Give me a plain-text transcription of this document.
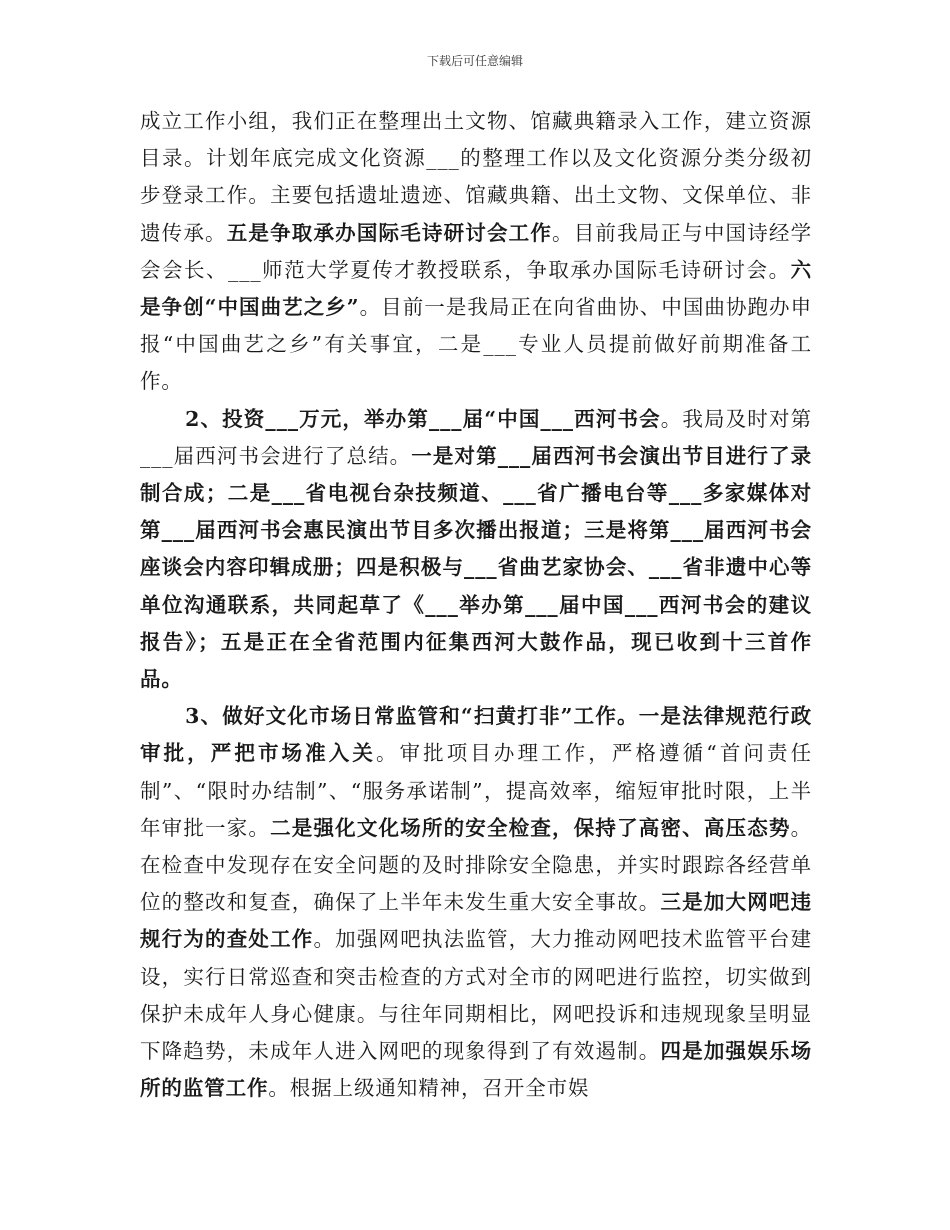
下载后可任意编辑

成立工作小组，我们正在整理出土文物、馆藏典籍录入工作，建立资源目录。计划年底完成文化资源___的整理工作以及文化资源分类分级初步登录工作。主要包括遗址遗迹、馆藏典籍、出土文物、文保单位、非遗传承。五是争取承办国际毛诗研讨会工作。目前我局正与中国诗经学会会长、___师范大学夏传才教授联系，争取承办国际毛诗研讨会。六是争创“中国曲艺之乡”。目前一是我局正在向省曲协、中国曲协跑办申报“中国曲艺之乡”有关事宜，二是___专业人员提前做好前期准备工作。

2、投资___万元，举办第___届“中国___西河书会。我局及时对第___届西河书会进行了总结。一是对第___届西河书会演出节目进行了录制合成；二是___省电视台杂技频道、___省广播电台等___多家媒体对第___届西河书会惠民演出节目多次播出报道；三是将第___届西河书会座谈会内容印辑成册；四是积极与___省曲艺家协会、___省非遗中心等单位沟通联系，共同起草了《___举办第___届中国___西河书会的建议报告》；五是正在全省范围内征集西河大鼓作品，现已收到十三首作品。

3、做好文化市场日常监管和“扫黄打非”工作。一是法律规范行政审批，严把市场准入关。审批项目办理工作，严格遵循“首问责任制”、“限时办结制”、“服务承诺制”，提高效率，缩短审批时限，上半年审批一家。二是强化文化场所的安全检查，保持了高密、高压态势。在检查中发现存在安全问题的及时排除安全隐患，并实时跟踪各经营单位的整改和复查，确保了上半年未发生重大安全事故。三是加大网吧违规行为的查处工作。加强网吧执法监管，大力推动网吧技术监管平台建设，实行日常巡查和突击检查的方式对全市的网吧进行监控，切实做到保护未成年人身心健康。与往年同期相比，网吧投诉和违规现象呈明显下降趋势，未成年人进入网吧的现象得到了有效遏制。四是加强娱乐场所的监管工作。根据上级通知精神，召开全市娱
